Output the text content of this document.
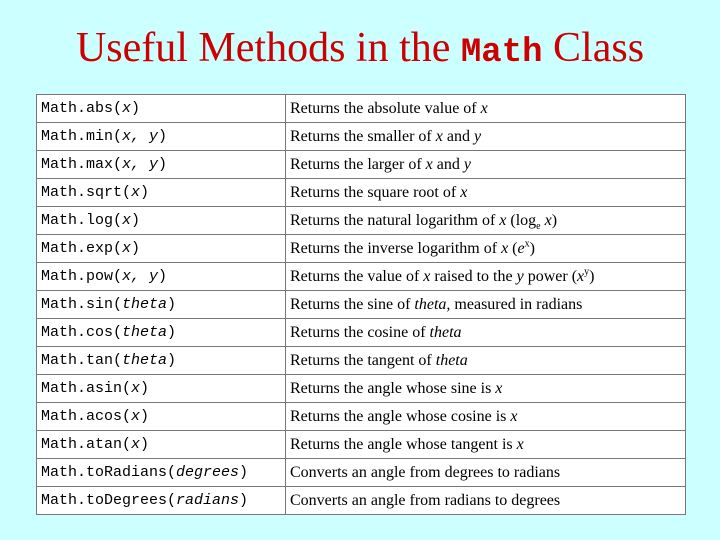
Useful Methods in the Math Class
Math.abs(x)	Returns the absolute value of x
Math.min(x, y)	Returns the smaller of x and y
Math.max(x, y)	Returns the larger of x and y
Math.sqrt(x)	Returns the square root of x
Math.log(x)	Returns the natural logarithm of x ($\log_e$ x)
Math.exp(x)	Returns the inverse logarithm of x $(e^x)$
Math.pow(x, y)	Returns the value of x raised to the y power $(x^y)$
Math.sin(theta)	Returns the sine of theta, measured in radians
Math.cos(theta)	Returns the cosine of theta
Math.tan(theta)	Returns the tangent of theta
Math.asin(x)	Returns the angle whose sine is x
Math.acos(x)	Returns the angle whose cosine is x
Math.atan(x)	Returns the angle whose tangent is x
Math.toRadians(degrees)	Converts an angle from degrees to radians
Math.toDegrees(radians)	Converts an angle from radians to degrees
